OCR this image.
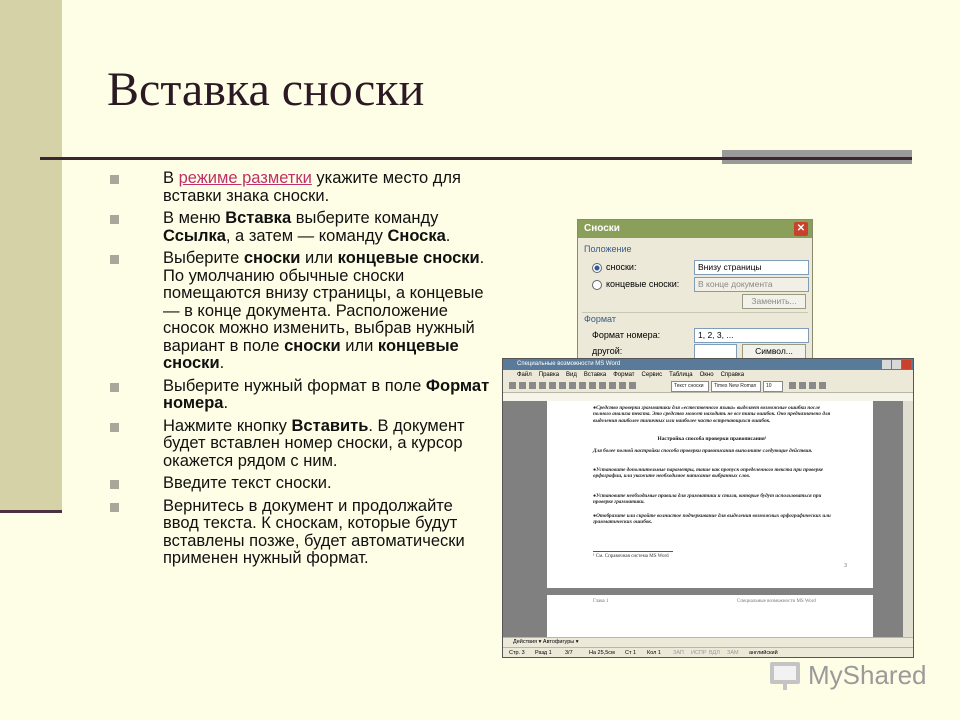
Вставка сноски
В режиме разметки укажите место для вставки знака сноски.
В меню Вставка выберите команду Ссылка, а затем — команду Сноска.
Выберите сноски или концевые сноски. По умолчанию обычные сноски помещаются внизу страницы, а концевые — в конце документа. Расположение сносок можно изменить, выбрав нужный вариант в поле сноски или концевые сноски.
Выберите нужный формат в поле Формат номера.
Нажмите кнопку Вставить. В документ будет вставлен номер сноски, а курсор окажется рядом с ним.
Введите текст сноски.
Вернитесь в документ и продолжайте ввод текста. К сноскам, которые будут вставлены позже, будет автоматически применен нужный формат.
Сноски	✕
Положение
сноски:	Внизу страницы
концевые сноски:	В конце документа
Заменить...
Формат
Формат номера:	1, 2, 3, ...
другой:	Символ...
Специальные возможности MS Word
Файл Правка Вид Вставка Формат Сервис Таблица Окно Справка
Текст сноски	Times New Roman	10
●Средство проверки грамматики для «естественного языка» выделяет возможные ошибки после полного анализа текста. Это средство может находить не все типы ошибок. Оно предназначено для выделения наиболее типичных или наиболее часто встречающихся ошибок.
Настройка способа проверки правописания¹
Для более полной настройки способа проверки правописания выполните следующие действия.
●Установите дополнительные параметры, такие как пропуск определенного текста при проверке орфографии, или укажите необходимое написание выбранных слов.
●Установите необходимые правила для грамматики и стиля, которые будут использоваться при проверке грамматики.
●Отобразите или скройте волнистое подчеркивание для выделения возможных орфографических или грамматических ошибок.
¹ См. Справочная система MS Word
3
Глава 1	Специальные возможности MS Word
Действия ▾ Автофигуры ▾
Стр. 3 Разд 1 3/7	На 25,5см Ст 1 Кол 1 ЗАП ИСПР ВДЛ ЗАМ английский
MyShared
